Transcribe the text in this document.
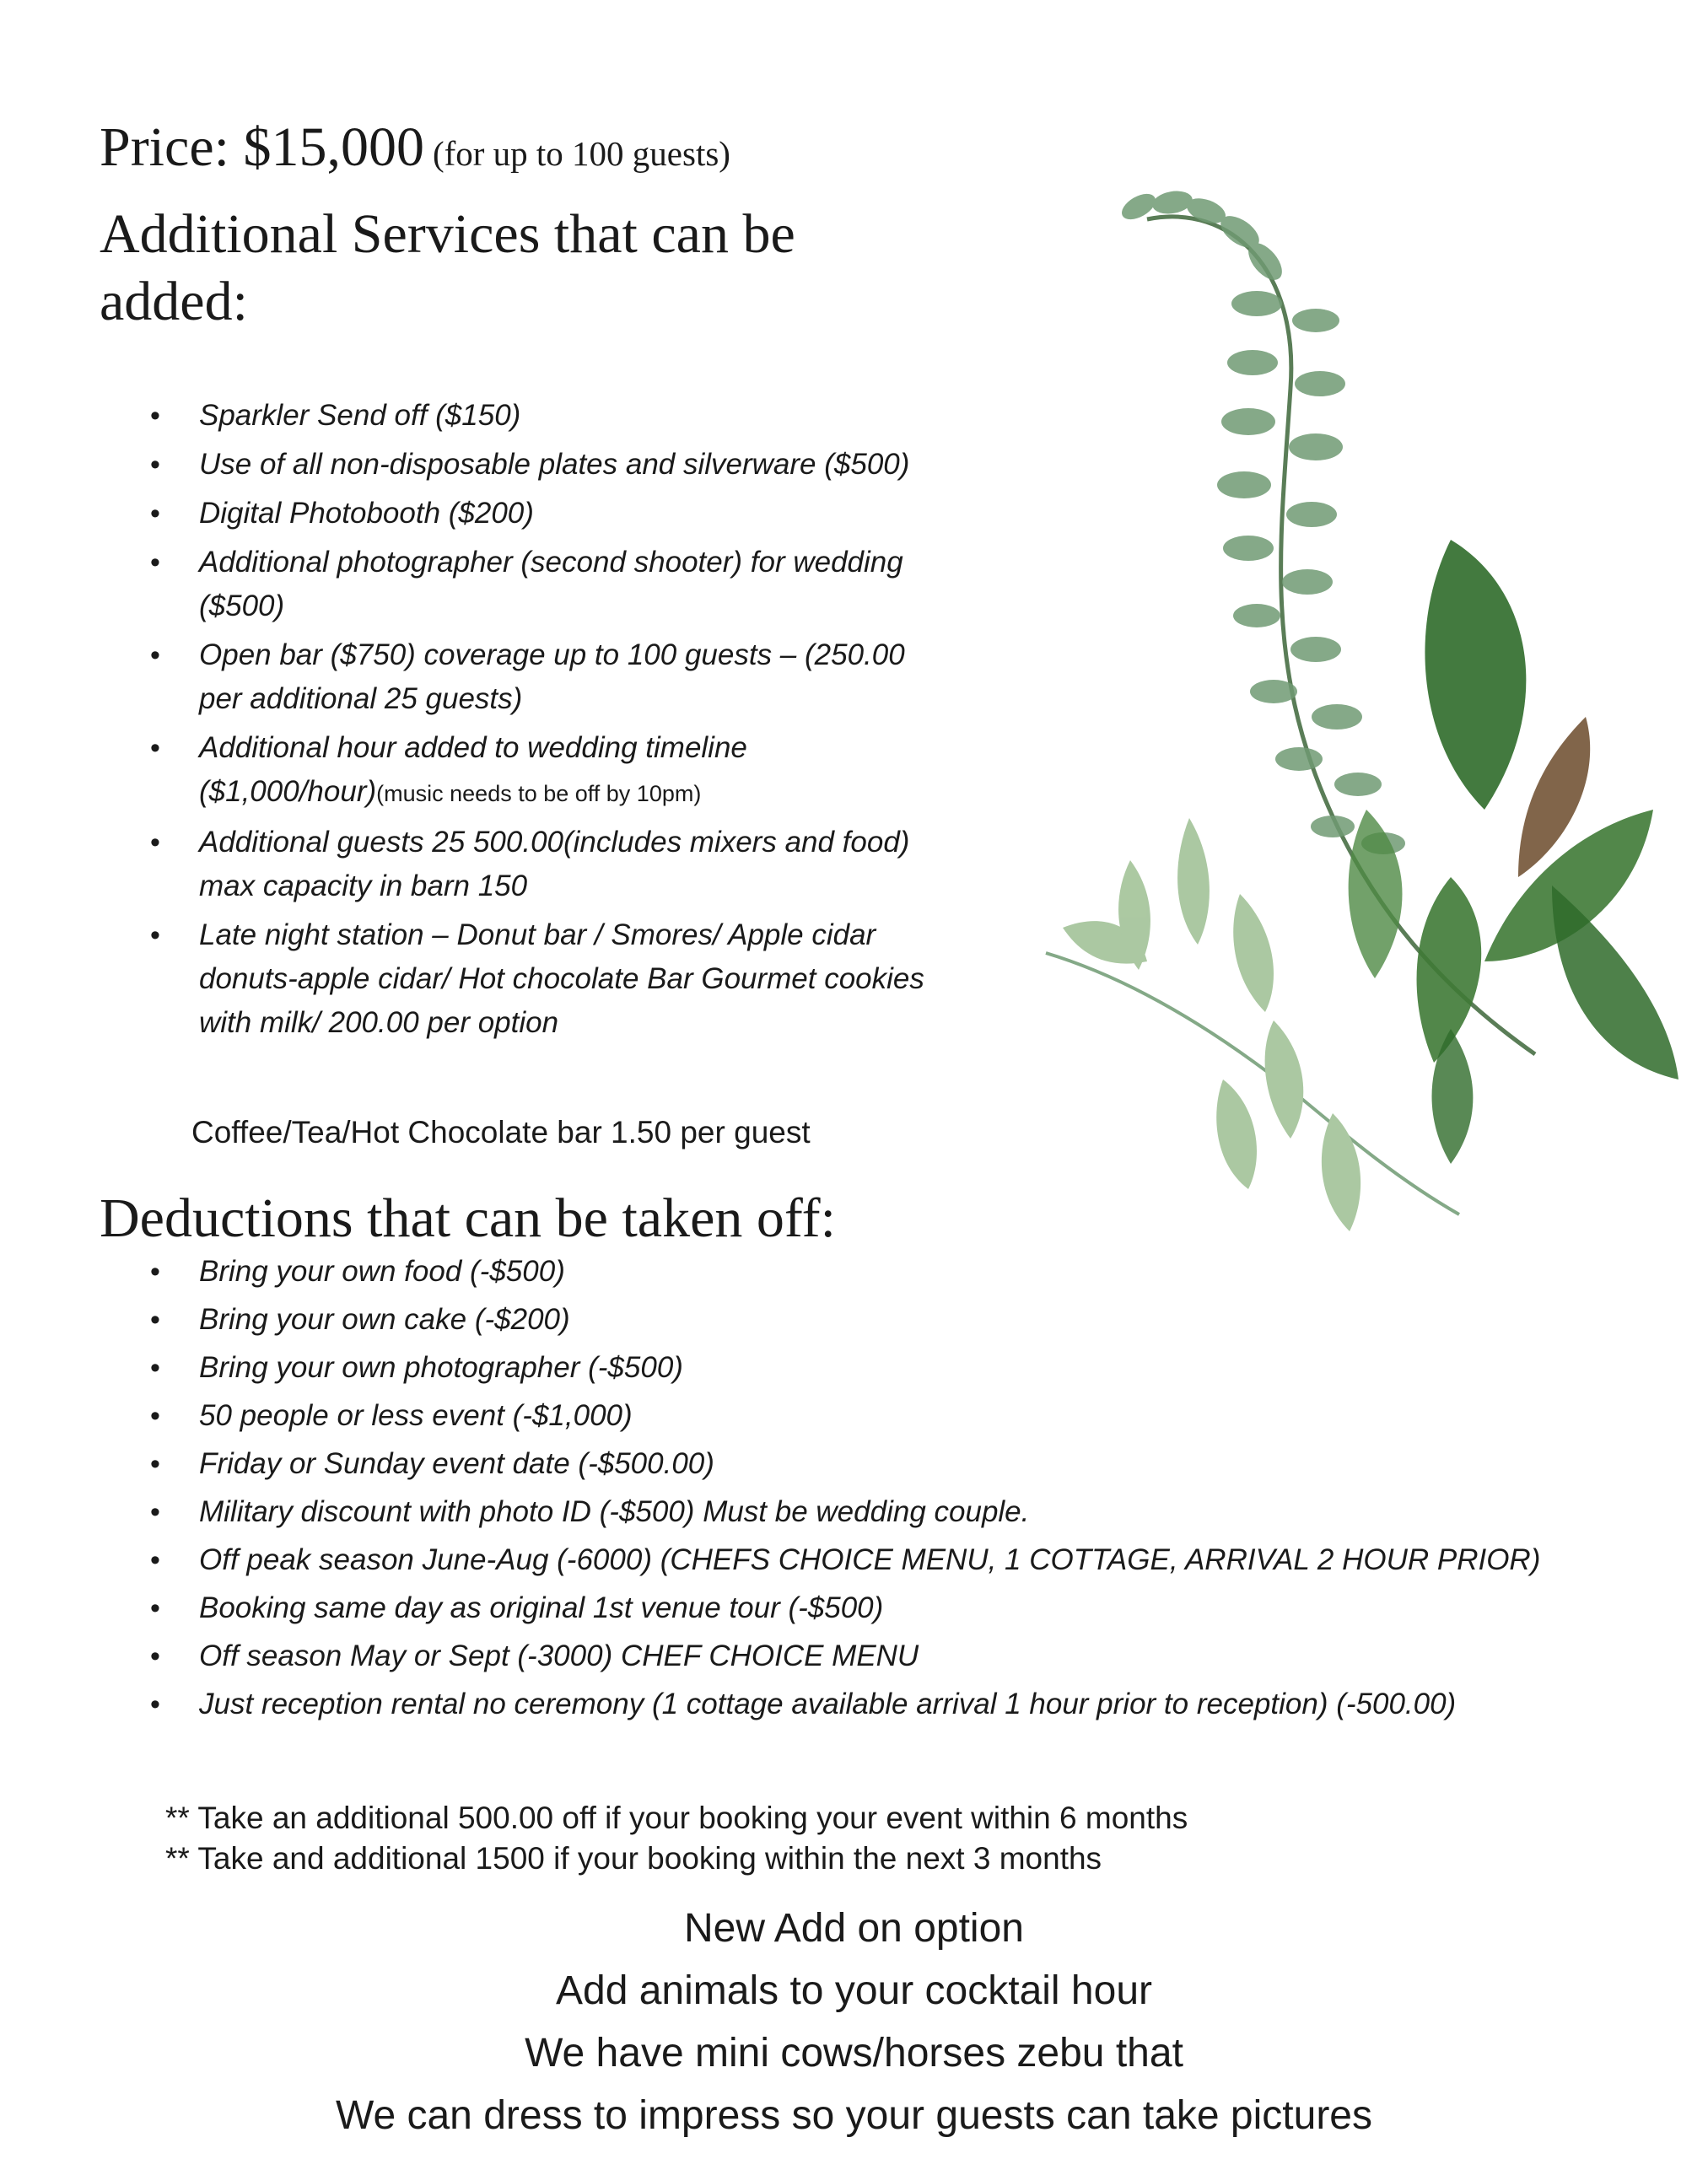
Price: $15,000 (for up to 100 guests)
Additional Services that can be added:
• Sparkler Send off ($150)
• Use of all non-disposable plates and silverware ($500)
• Digital Photobooth ($200)
• Additional photographer (second shooter) for wedding ($500)
• Open bar ($750) coverage up to 100 guests – (250.00 per additional 25 guests)
• Additional hour added to wedding timeline ($1,000/hour)(music needs to be off by 10pm)
• Additional guests 25 500.00(includes mixers and food) max capacity in barn 150
• Late night station – Donut bar / Smores/ Apple cidar donuts-apple cidar/ Hot chocolate Bar Gourmet cookies with milk/ 200.00 per option
Coffee/Tea/Hot Chocolate bar 1.50 per guest
Deductions that can be taken off:
• Bring your own food (-$500)
• Bring your own cake (-$200)
• Bring your own photographer (-$500)
• 50 people or less event (-$1,000)
• Friday or Sunday event date (-$500.00)
• Military discount with photo ID (-$500) Must be wedding couple.
• Off peak season June-Aug (-6000) (CHEFS CHOICE MENU, 1 COTTAGE, ARRIVAL 2 HOUR PRIOR)
• Booking same day as original 1st venue tour (-$500)
• Off season May or Sept (-3000) CHEF CHOICE MENU
• Just reception rental no ceremony (1 cottage available arrival 1 hour prior to reception) (-500.00)
** Take an additional 500.00 off if your booking your event within 6 months
** Take and additional 1500 if your booking within the next 3 months
New Add on option
Add animals to your cocktail hour
We have mini cows/horses zebu that
We can dress to impress so your guests can take pictures
